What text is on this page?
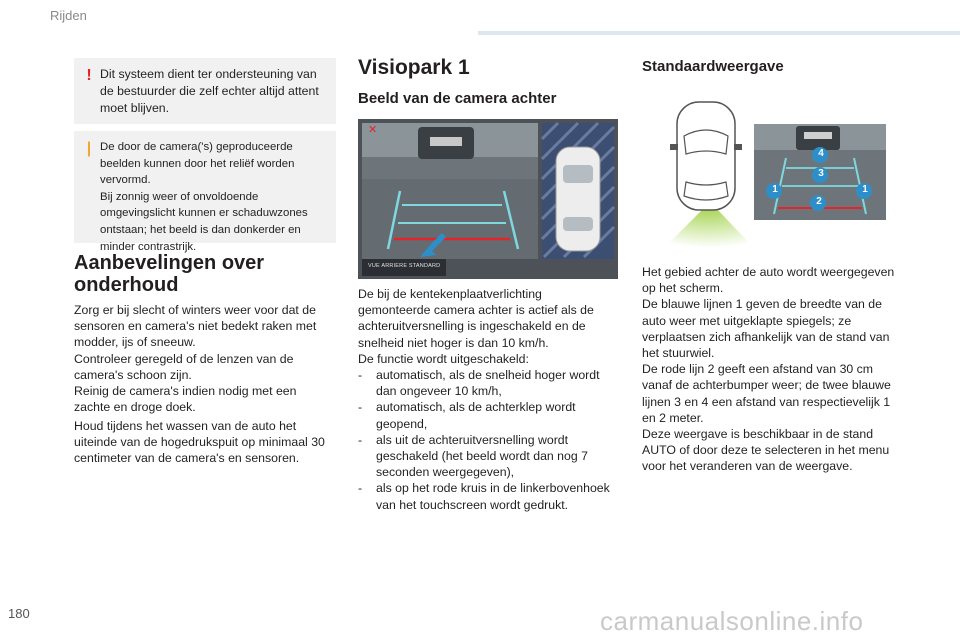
Rijden
! Dit systeem dient ter ondersteuning van de bestuurder die zelf echter altijd attent moet blijven.
| De door de camera('s) geproduceerde beelden kunnen door het reliëf worden vervormd.
Bij zonnig weer of onvoldoende omgevingslicht kunnen er schaduwzones ontstaan; het beeld is dan donkerder en minder contrastrijk.
Aanbevelingen over onderhoud
Zorg er bij slecht of winters weer voor dat de sensoren en camera's niet bedekt raken met modder, ijs of sneeuw.
Controleer geregeld of de lenzen van de camera's schoon zijn.
Reinig de camera's indien nodig met een zachte en droge doek.
Houd tijdens het wassen van de auto het uiteinde van de hogedrukspuit op minimaal 30 centimeter van de camera's en sensoren.
Visiopark 1
Beeld van de camera achter
✕
VUE ARRIERE STANDARD
De bij de kentekenplaatverlichting gemonteerde camera achter is actief als de achteruitversnelling is ingeschakeld en de snelheid niet hoger is dan 10 km/h.
De functie wordt uitgeschakeld:
- automatisch, als de snelheid hoger wordt dan ongeveer 10 km/h,
- automatisch, als de achterklep wordt geopend,
- als uit de achteruitversnelling wordt geschakeld (het beeld wordt dan nog 7 seconden weergegeven),
- als op het rode kruis in de linkerbovenhoek van het touchscreen wordt gedrukt.
Standaardweergave
4
3
1	1
2
Het gebied achter de auto wordt weergegeven op het scherm.
De blauwe lijnen 1 geven de breedte van de auto weer met uitgeklapte spiegels; ze verplaatsen zich afhankelijk van de stand van het stuurwiel.
De rode lijn 2 geeft een afstand van 30 cm vanaf de achterbumper weer; de twee blauwe lijnen 3 en 4 een afstand van respectievelijk 1 en 2 meter.
Deze weergave is beschikbaar in de stand AUTO of door deze te selecteren in het menu voor het veranderen van de weergave.
180	carmanualsonline.info
